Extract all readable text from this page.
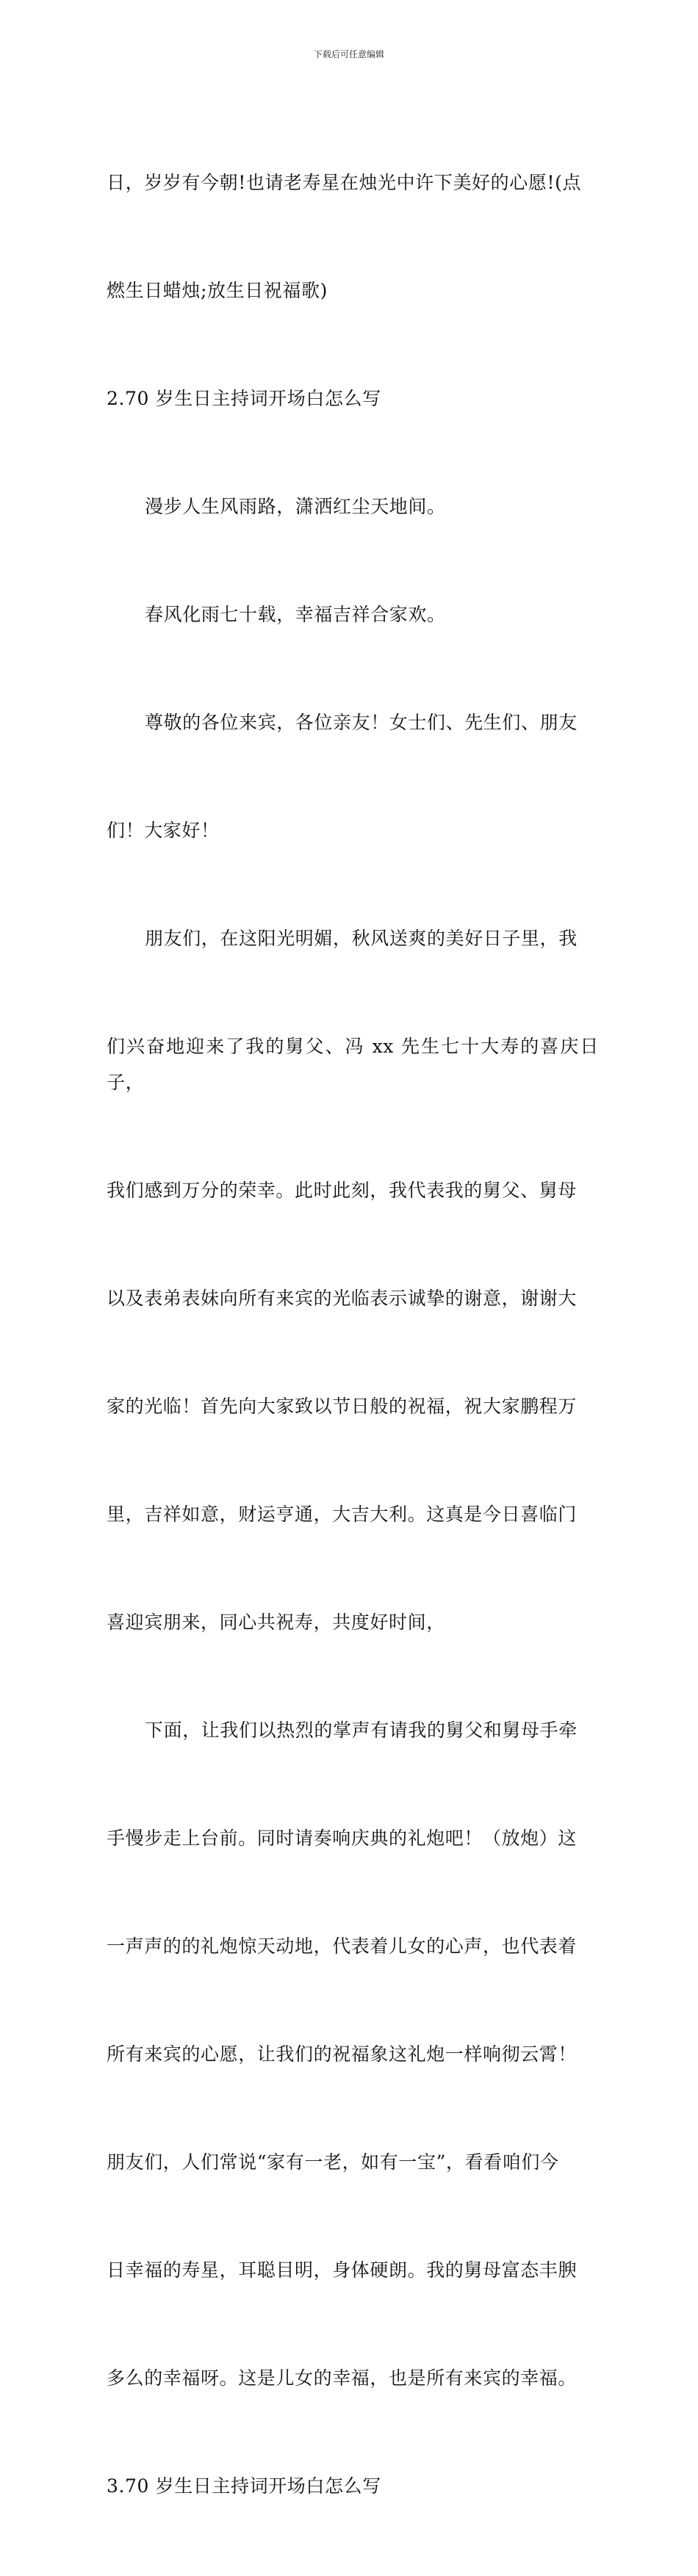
下载后可任意编辑

日，岁岁有今朝!也请老寿星在烛光中许下美好的心愿!(点

燃生日蜡烛;放生日祝福歌)

2.70 岁生日主持词开场白怎么写

漫步人生风雨路，潇洒红尘天地间。

春风化雨七十载，幸福吉祥合家欢。

尊敬的各位来宾，各位亲友！女士们、先生们、朋友

们！大家好！

朋友们，在这阳光明媚，秋风送爽的美好日子里，我

们兴奋地迎来了我的舅父、冯 xx 先生七十大寿的喜庆日子，

我们感到万分的荣幸。此时此刻，我代表我的舅父、舅母

以及表弟表妹向所有来宾的光临表示诚挚的谢意，谢谢大

家的光临！首先向大家致以节日般的祝福，祝大家鹏程万

里，吉祥如意，财运亨通，大吉大利。这真是今日喜临门

喜迎宾朋来，同心共祝寿，共度好时间，

下面，让我们以热烈的掌声有请我的舅父和舅母手牵

手慢步走上台前。同时请奏响庆典的礼炮吧！（放炮）这

一声声的的礼炮惊天动地，代表着儿女的心声，也代表着

所有来宾的心愿，让我们的祝福象这礼炮一样响彻云霄！

朋友们，人们常说“家有一老，如有一宝”，看看咱们今

日幸福的寿星，耳聪目明，身体硬朗。我的舅母富态丰腴

多么的幸福呀。这是儿女的幸福，也是所有来宾的幸福。

3.70 岁生日主持词开场白怎么写
